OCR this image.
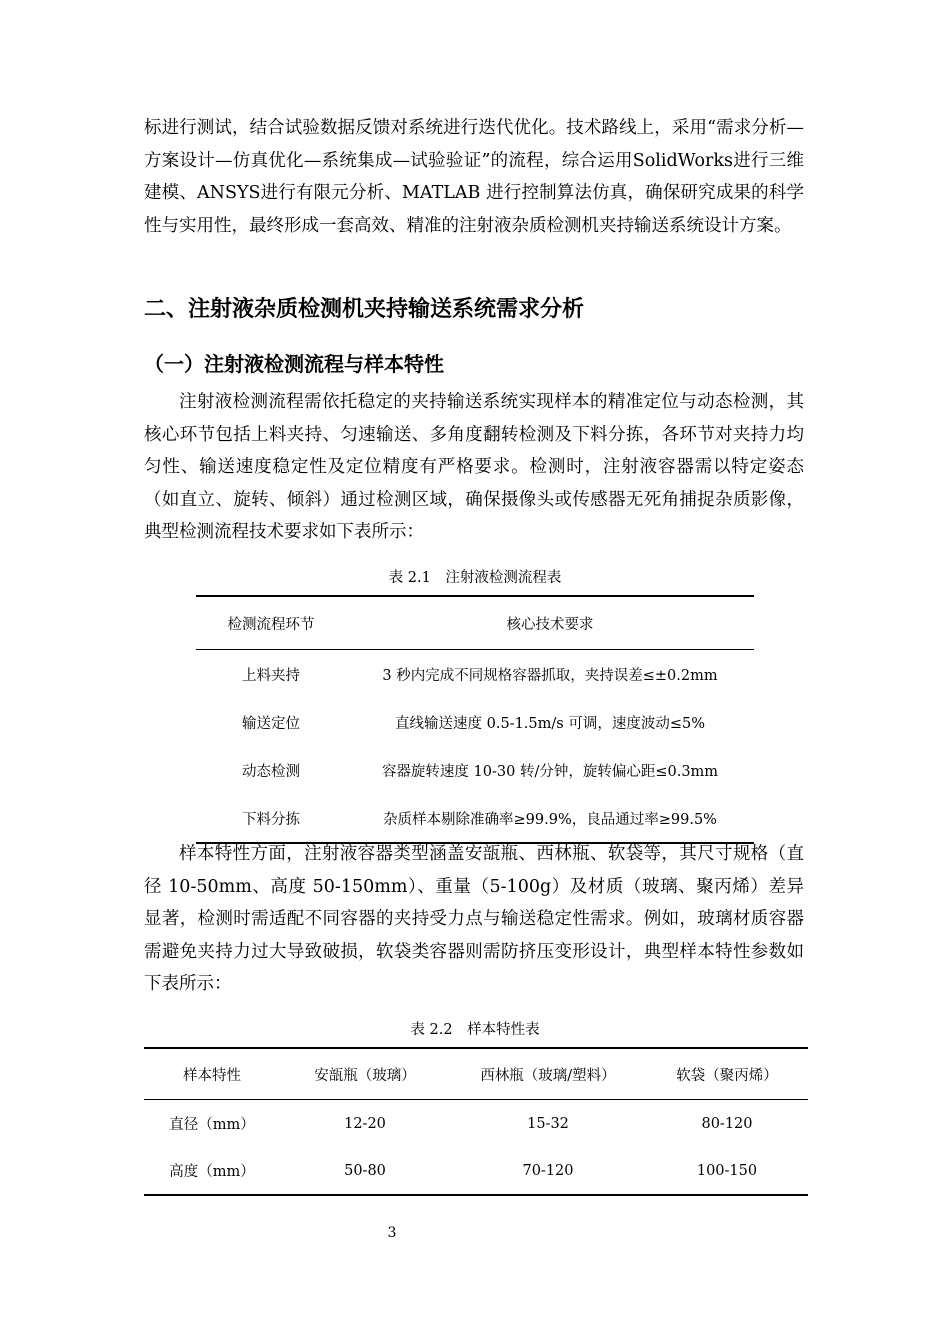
标进行测试，结合试验数据反馈对系统进行迭代优化。技术路线上，采用“需求分析—方案设计—仿真优化—系统集成—试验验证”的流程，综合运用SolidWorks进行三维建模、ANSYS进行有限元分析、MATLAB 进行控制算法仿真，确保研究成果的科学性与实用性，最终形成一套高效、精准的注射液杂质检测机夹持输送系统设计方案。

二、注射液杂质检测机夹持输送系统需求分析
（一）注射液检测流程与样本特性

注射液检测流程需依托稳定的夹持输送系统实现样本的精准定位与动态检测，其核心环节包括上料夹持、匀速输送、多角度翻转检测及下料分拣，各环节对夹持力均匀性、输送速度稳定性及定位精度有严格要求。检测时，注射液容器需以特定姿态（如直立、旋转、倾斜）通过检测区域，确保摄像头或传感器无死角捕捉杂质影像，典型检测流程技术要求如下表所示：

表 2.1　注射液检测流程表
检测流程环节	核心技术要求
上料夹持	3 秒内完成不同规格容器抓取，夹持误差≤±0.2mm
输送定位	直线输送速度 0.5-1.5m/s 可调，速度波动≤5%
动态检测	容器旋转速度 10-30 转/分钟，旋转偏心距≤0.3mm
下料分拣	杂质样本剔除准确率≥99.9%，良品通过率≥99.5%

样本特性方面，注射液容器类型涵盖安瓿瓶、西林瓶、软袋等，其尺寸规格（直径 10-50mm、高度 50-150mm）、重量（5-100g）及材质（玻璃、聚丙烯）差异显著，检测时需适配不同容器的夹持受力点与输送稳定性需求。例如，玻璃材质容器需避免夹持力过大导致破损，软袋类容器则需防挤压变形设计，典型样本特性参数如下表所示：

表 2.2　样本特性表
样本特性	安瓿瓶（玻璃）	西林瓶（玻璃/塑料）	软袋（聚丙烯）
直径（mm）	12-20	15-32	80-120
高度（mm）	50-80	70-120	100-150
3
